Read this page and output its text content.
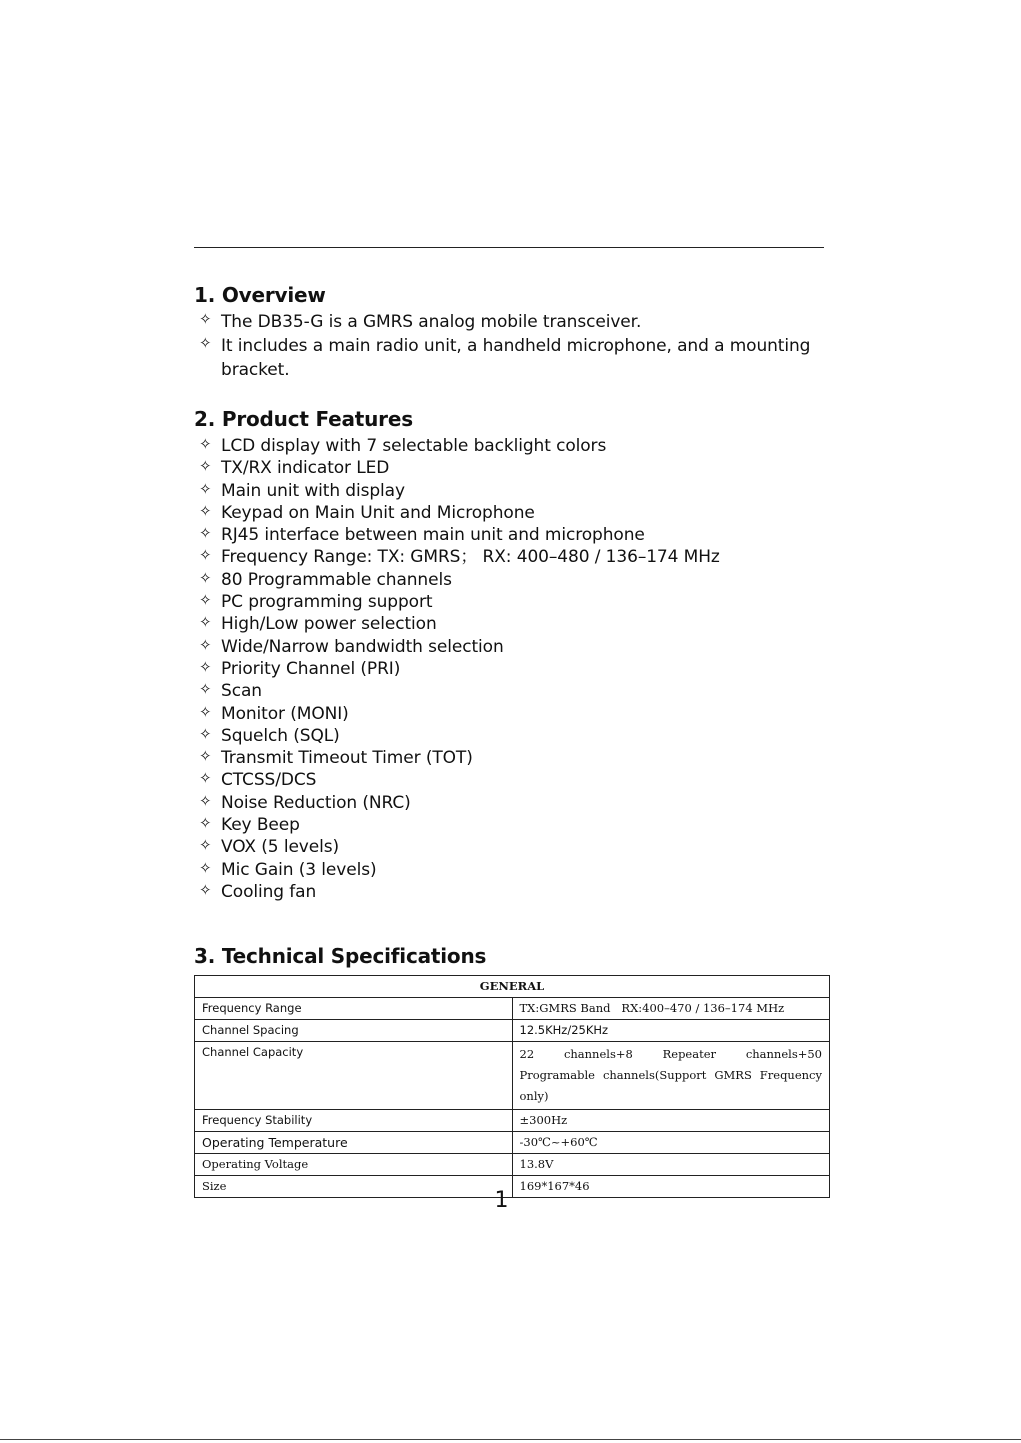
1. Overview
✧ The DB35-G is a GMRS analog mobile transceiver.
✧ It includes a main radio unit, a handheld microphone, and a mounting bracket.
2. Product Features
✧ LCD display with 7 selectable backlight colors
✧ TX/RX indicator LED
✧ Main unit with display
✧ Keypad on Main Unit and Microphone
✧ RJ45 interface between main unit and microphone
✧ Frequency Range: TX: GMRS； RX: 400–480 / 136–174 MHz
✧ 80 Programmable channels
✧ PC programming support
✧ High/Low power selection
✧ Wide/Narrow bandwidth selection
✧ Priority Channel (PRI)
✧ Scan
✧ Monitor (MONI)
✧ Squelch (SQL)
✧ Transmit Timeout Timer (TOT)
✧ CTCSS/DCS
✧ Noise Reduction (NRC)
✧ Key Beep
✧ VOX (5 levels)
✧ Mic Gain (3 levels)
✧ Cooling fan
3. Technical Specifications
GENERAL	
Frequency Range	TX:GMRS Band   RX:400–470 / 136–174 MHz
Channel Spacing	12.5KHz/25KHz
Channel Capacity	22 channels+8 Repeater channels+50 Programable channels(Support GMRS Frequency only)
Frequency Stability	±300Hz
Operating Temperature	-30℃~+60℃
Operating Voltage	13.8V
Size	169*167*46
1
